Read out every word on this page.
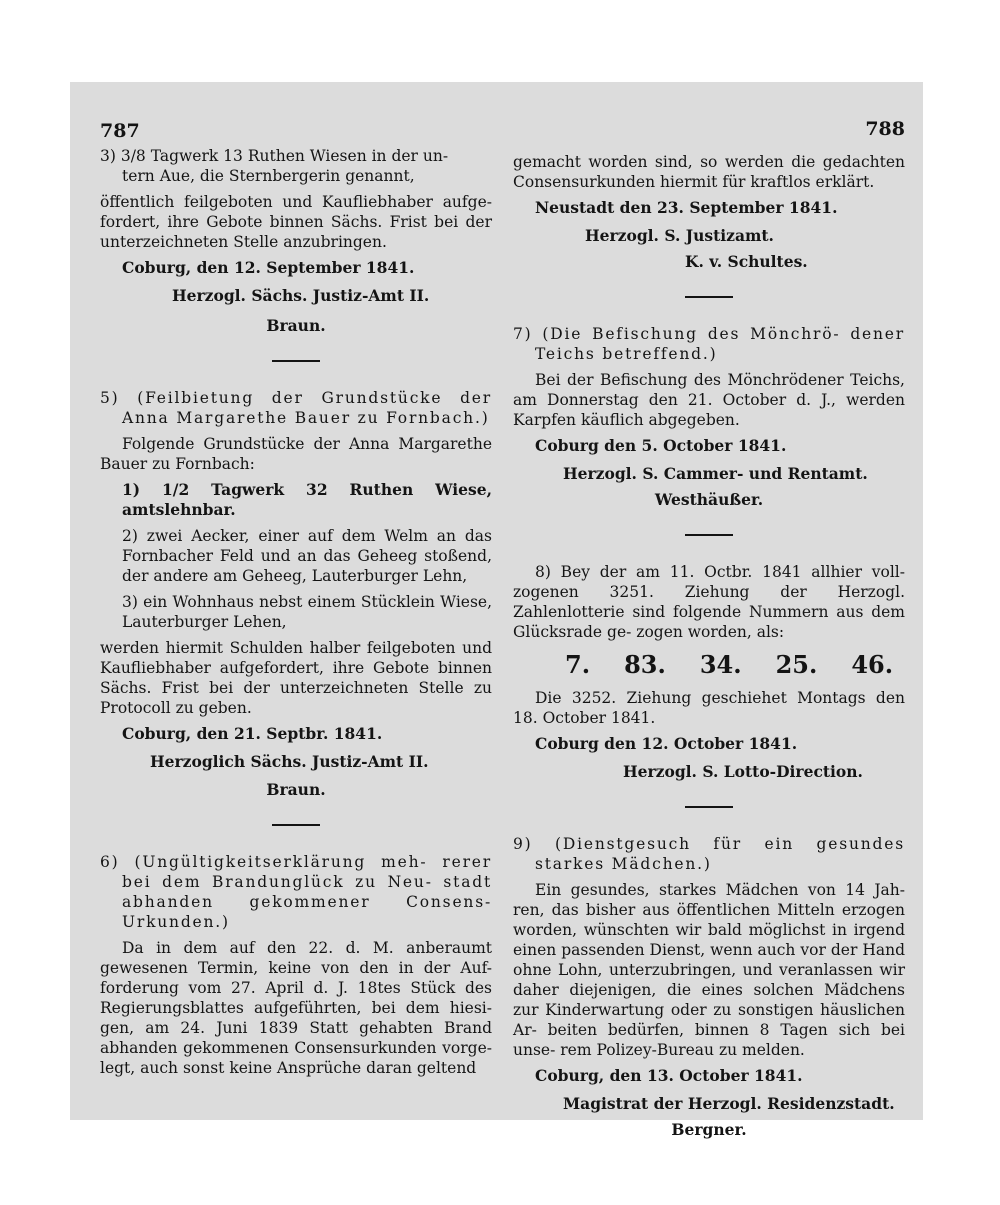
787
3) 3/8 Tagwerk 13 Ruthen Wiesen in der un-
tern Aue, die Sternbergerin genannt,
öffentlich feilgeboten und Kaufliebhaber aufge- fordert, ihre Gebote binnen Sächs. Frist bei der unterzeichneten Stelle anzubringen.
Coburg, den 12. September 1841.
Herzogl. Sächs. Justiz-Amt II.
Braun.
5) (Feilbietung der Grundstücke der Anna Margarethe Bauer zu Fornbach.)
Folgende Grundstücke der Anna Margarethe Bauer zu Fornbach:
1) 1/2 Tagwerk 32 Ruthen Wiese, amtslehnbar.
2) zwei Aecker, einer auf dem Welm an das Fornbacher Feld und an das Geheeg stoßend, der andere am Geheeg, Lauterburger Lehn,
3) ein Wohnhaus nebst einem Stücklein Wiese, Lauterburger Lehen,
werden hiermit Schulden halber feilgeboten und Kaufliebhaber aufgefordert, ihre Gebote binnen Sächs. Frist bei der unterzeichneten Stelle zu Protocoll zu geben.
Coburg, den 21. Septbr. 1841.
Herzoglich Sächs. Justiz-Amt II.
Braun.
6) (Ungültigkeitserklärung meh- rerer bei dem Brandunglück zu Neu- stadt abhanden gekommener Consens- Urkunden.)
Da in dem auf den 22. d. M. anberaumt gewesenen Termin, keine von den in der Auf- forderung vom 27. April d. J. 18tes Stück des Regierungsblattes aufgeführten, bei dem hiesi- gen, am 24. Juni 1839 Statt gehabten Brand abhanden gekommenen Consensurkunden vorge- legt, auch sonst keine Ansprüche daran geltend
788
gemacht worden sind, so werden die gedachten Consensurkunden hiermit für kraftlos erklärt.
Neustadt den 23. September 1841.
Herzogl. S. Justizamt.
K. v. Schultes.
7) (Die Befischung des Mönchrö- dener Teichs betreffend.)
Bei der Befischung des Mönchrödener Teichs, am Donnerstag den 21. October d. J., werden Karpfen käuflich abgegeben.
Coburg den 5. October 1841.
Herzogl. S. Cammer- und Rentamt.
Westhäußer.
8) Bey der am 11. Octbr. 1841 allhier voll- zogenen 3251. Ziehung der Herzogl. Zahlenlotterie sind folgende Nummern aus dem Glücksrade ge- zogen worden, als:
7. 83. 34. 25. 46.
Die 3252. Ziehung geschiehet Montags den 18. October 1841.
Coburg den 12. October 1841.
Herzogl. S. Lotto-Direction.
9) (Dienstgesuch für ein gesundes starkes Mädchen.)
Ein gesundes, starkes Mädchen von 14 Jah- ren, das bisher aus öffentlichen Mitteln erzogen worden, wünschten wir bald möglichst in irgend einen passenden Dienst, wenn auch vor der Hand ohne Lohn, unterzubringen, und veranlassen wir daher diejenigen, die eines solchen Mädchens zur Kinderwartung oder zu sonstigen häuslichen Ar- beiten bedürfen, binnen 8 Tagen sich bei unse- rem Polizey-Bureau zu melden.
Coburg, den 13. October 1841.
Magistrat der Herzogl. Residenzstadt.
Bergner.
